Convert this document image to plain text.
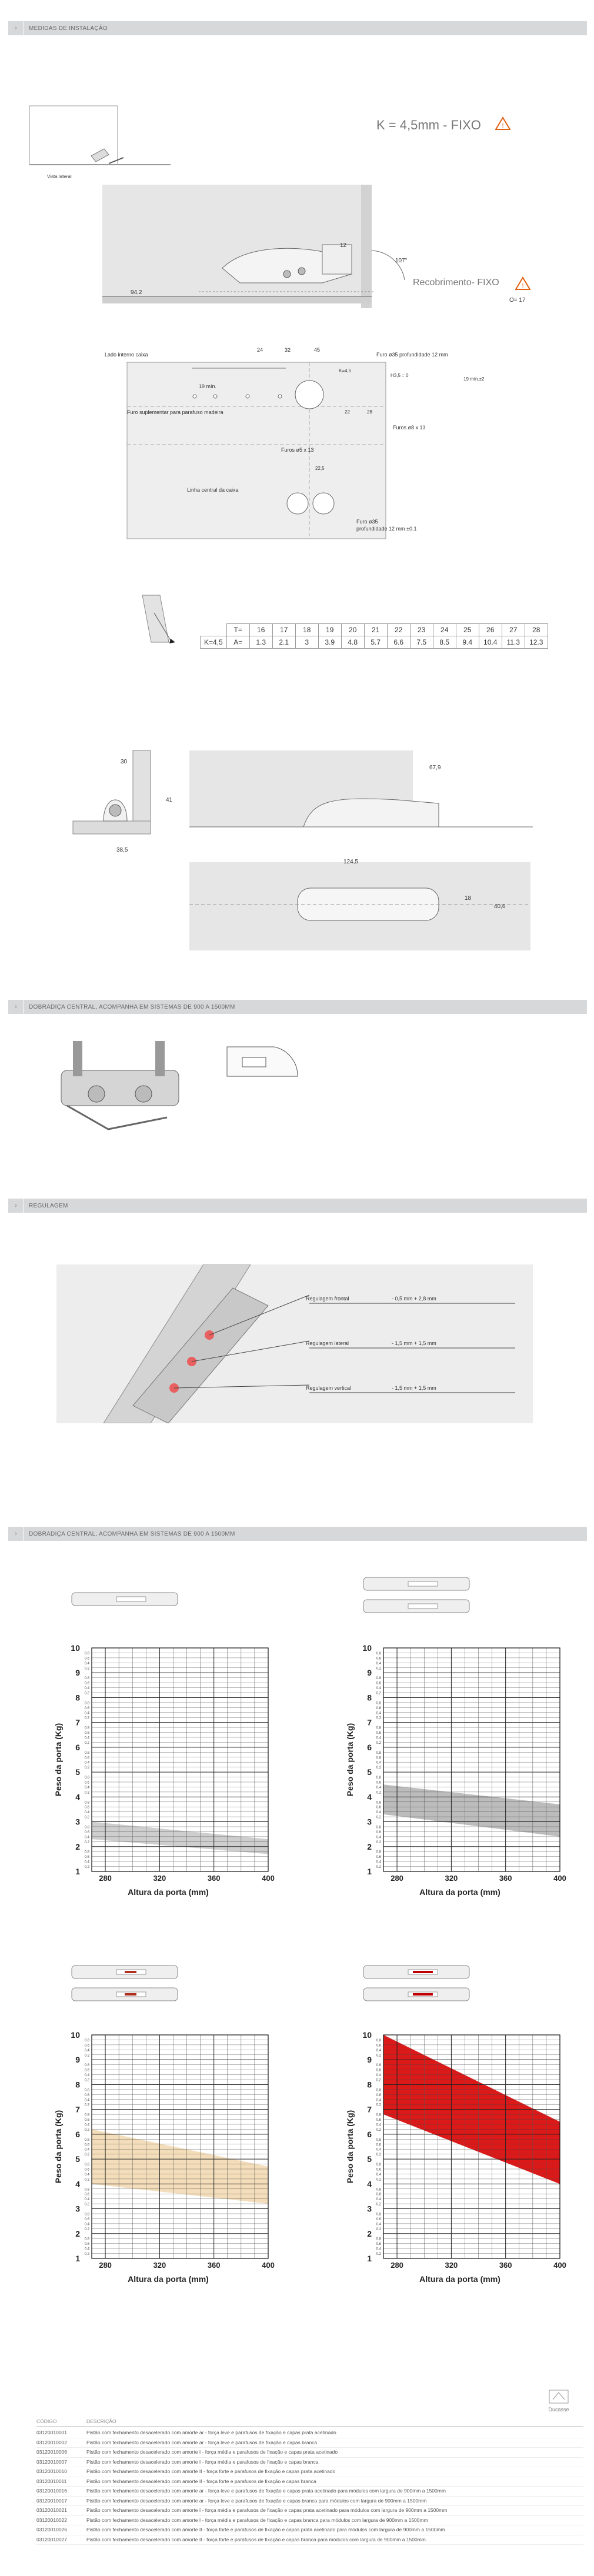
›	MEDIDAS DE INSTALAÇÃO
Vista lateral
K = 4,5mm - FIXO	!
94,2
12
107°
Recobrimento- FIXO	!
O= 17
Lado interno caixa	Furo ø35 profundidade 12 mm
24	32	45
19 mín.
19 mín.±2
K=4,5
H3,5 = 0
22	28
Furo suplementar para parafuso madeira
Furos ø8 x 13
Furos ø5 x 13
22,5
Linha central da caixa
Furo ø35
profundidade 12 mm ±0.1
	T=	16	17	18	19	20	21	22	23	24	25	26	27	28
K=4,5	A=	1.3	2.1	3	3.9	4.8	5.7	6.6	7.5	8.5	9.4	10.4	11.3	12.3
30
41
38,5
67,9
124,5
18
40,6
›	DOBRADIÇA CENTRAL, ACOMPANHA EM SISTEMAS DE 900 A 1500MM
›	REGULAGEM
Regulagem frontal	- 0,5 mm + 2,8 mm
Regulagem lateral	- 1,5 mm + 1,5 mm
Regulagem vertical	- 1,5 mm + 1,5 mm
›	DOBRADIÇA CENTRAL, ACOMPANHA EM SISTEMAS DE 900 A 1500MM
0.2
0.4
0.6
0.8
0.2
0.4
0.6
0.8
0.2
0.4
0.6
0.8
0.2
0.4
0.6
0.8
0.2
0.4
0.6
0.8
0.2
0.4
0.6
0.8
0.2
0.4
0.6
0.8
0.2
0.4
0.6
0.8
0.2
0.4
0.6
0.8
1
2
3
4
5
6
7
8
9
10
280	320	360	400
Altura da porta (mm)
Peso da porta (Kg)
0.2
0.4
0.6
0.8
0.2
0.4
0.6
0.8
0.2
0.4
0.6
0.8
0.2
0.4
0.6
0.8
0.2
0.4
0.6
0.8
0.2
0.4
0.6
0.8
0.2
0.4
0.6
0.8
0.2
0.4
0.6
0.8
0.2
0.4
0.6
0.8
1
2
3
4
5
6
7
8
9
10
280	320	360	400
Altura da porta (mm)
Peso da porta (Kg)
0.2
0.4
0.6
0.8
0.2
0.4
0.6
0.8
0.2
0.4
0.6
0.8
0.2
0.4
0.6
0.8
0.2
0.4
0.6
0.8
0.2
0.4
0.6
0.8
0.2
0.4
0.6
0.8
0.2
0.4
0.6
0.8
0.2
0.4
0.6
0.8
1
2
3
4
5
6
7
8
9
10
280	320	360	400
Altura da porta (mm)
Peso da porta (Kg)
0.2
0.4
0.6
0.8
0.2
0.4
0.6
0.8
0.2
0.4
0.6
0.8
0.2
0.4
0.6
0.8
0.2
0.4
0.6
0.8
0.2
0.4
0.6
0.8
0.2
0.4
0.6
0.8
0.2
0.4
0.6
0.8
0.2
0.4
0.6
0.8
1
2
3
4
5
6
7
8
9
10
280	320	360	400
Altura da porta (mm)
Peso da porta (Kg)
Ducasse
CÓDIGO	DESCRIÇÃO
03120010001	Pistão com fechamento desacelerado com amorte ar - força leve e parafusos de fixação e capas prata acetinado
03120010002	Pistão com fechamento desacelerado com amorte ar - força leve e parafusos de fixação e capas branca
03120010006	Pistão com fechamento desacelerado com amorte I - força média e parafusos de fixação e capas prata acetinado
03120010007	Pistão com fechamento desacelerado com amorte I - força média e parafusos de fixação e capas branca
03120010010	Pistão com fechamento desacelerado com amorte II - força forte e parafusos de fixação e capas prata acetinado
03120010011	Pistão com fechamento desacelerado com amorte II - força forte e parafusos de fixação e capas branca
03120010016	Pistão com fechamento desacelerado com amorte ar - força leve e parafusos de fixação e capas prata acetinado para módulos com largura de 900mm a 1500mm
03120010017	Pistão com fechamento desacelerado com amorte ar - força leve e parafusos de fixação e capas branca para módulos com largura de 900mm a 1500mm
03120010021	Pistão com fechamento desacelerado com amorte I - força média e parafusos de fixação e capas prata acetinado para módulos com largura de 900mm a 1500mm
03120010022	Pistão com fechamento desacelerado com amorte I - força média e parafusos de fixação e capas branca para módulos com largura de 900mm a 1500mm
03120010026	Pistão com fechamento desacelerado com amorte II - força forte e parafusos de fixação e capas prata acetinado para módulos com largura de 900mm a 1500mm
03120010027	Pistão com fechamento desacelerado com amorte II - força forte e parafusos de fixação e capas branca para módulos com largura de 900mm a 1500mm
